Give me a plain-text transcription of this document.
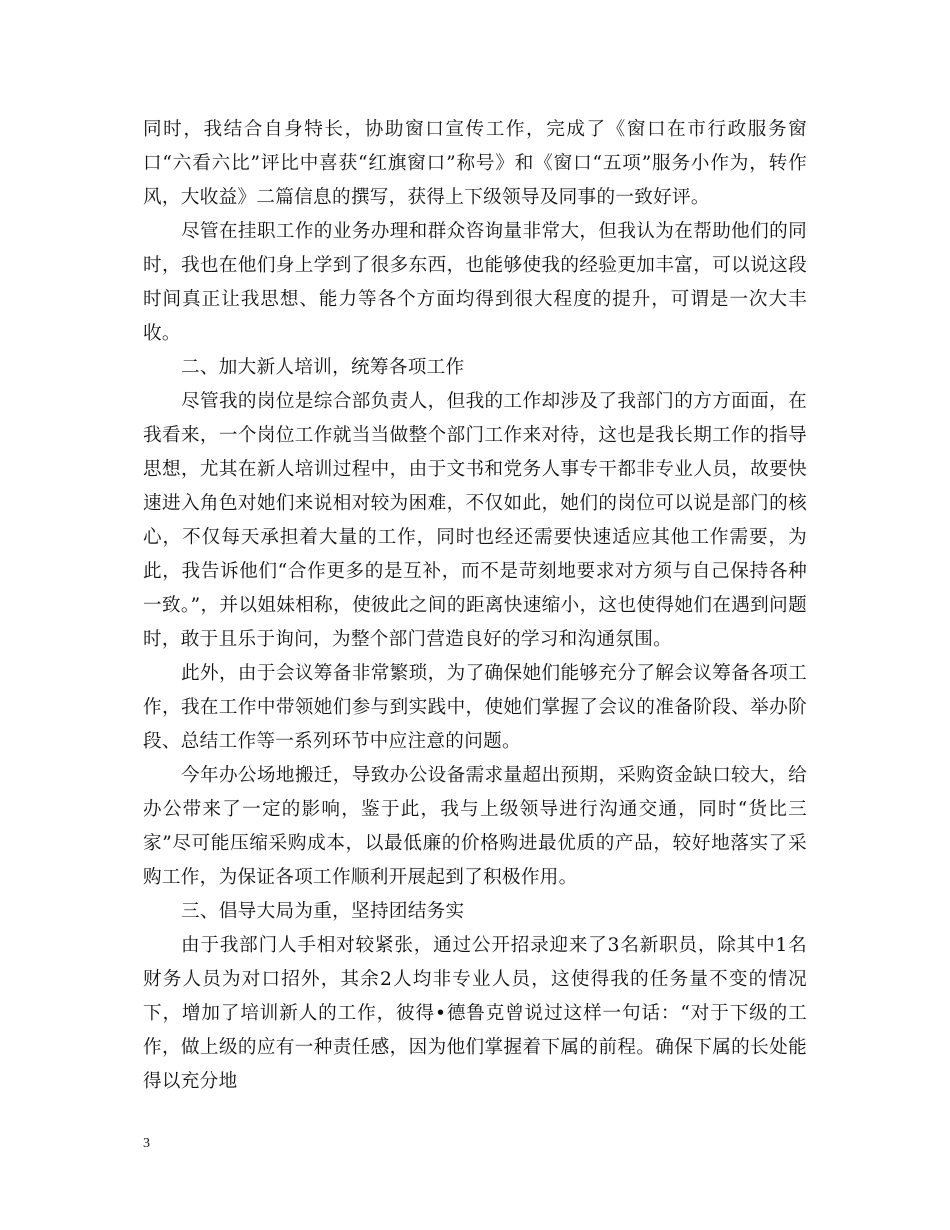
同时，我结合自身特长，协助窗口宣传工作，完成了《窗口在市行政服务窗口“六看六比”评比中喜获“红旗窗口”称号》和《窗口“五项”服务小作为，转作风，大收益》二篇信息的撰写，获得上下级领导及同事的一致好评。

尽管在挂职工作的业务办理和群众咨询量非常大，但我认为在帮助他们的同时，我也在他们身上学到了很多东西，也能够使我的经验更加丰富，可以说这段时间真正让我思想、能力等各个方面均得到很大程度的提升，可谓是一次大丰收。

二、加大新人培训，统筹各项工作

尽管我的岗位是综合部负责人，但我的工作却涉及了我部门的方方面面，在我看来，一个岗位工作就当当做整个部门工作来对待，这也是我长期工作的指导思想，尤其在新人培训过程中，由于文书和党务人事专干都非专业人员，故要快速进入角色对她们来说相对较为困难，不仅如此，她们的岗位可以说是部门的核心，不仅每天承担着大量的工作，同时也经还需要快速适应其他工作需要，为此，我告诉他们“合作更多的是互补，而不是苛刻地要求对方须与自己保持各种一致。”，并以姐妹相称，使彼此之间的距离快速缩小，这也使得她们在遇到问题时，敢于且乐于询问，为整个部门营造良好的学习和沟通氛围。

此外，由于会议筹备非常繁琐，为了确保她们能够充分了解会议筹备各项工作，我在工作中带领她们参与到实践中，使她们掌握了会议的准备阶段、举办阶段、总结工作等一系列环节中应注意的问题。

今年办公场地搬迁，导致办公设备需求量超出预期，采购资金缺口较大，给办公带来了一定的影响，鉴于此，我与上级领导进行沟通交通，同时“货比三家”尽可能压缩采购成本，以最低廉的价格购进最优质的产品，较好地落实了采购工作，为保证各项工作顺利开展起到了积极作用。

三、倡导大局为重，坚持团结务实

由于我部门人手相对较紧张，通过公开招录迎来了3名新职员，除其中1名财务人员为对口招外，其余2人均非专业人员，这使得我的任务量不变的情况下，增加了培训新人的工作，彼得•德鲁克曾说过这样一句话：“对于下级的工作，做上级的应有一种责任感，因为他们掌握着下属的前程。确保下属的长处能得以充分地

3
